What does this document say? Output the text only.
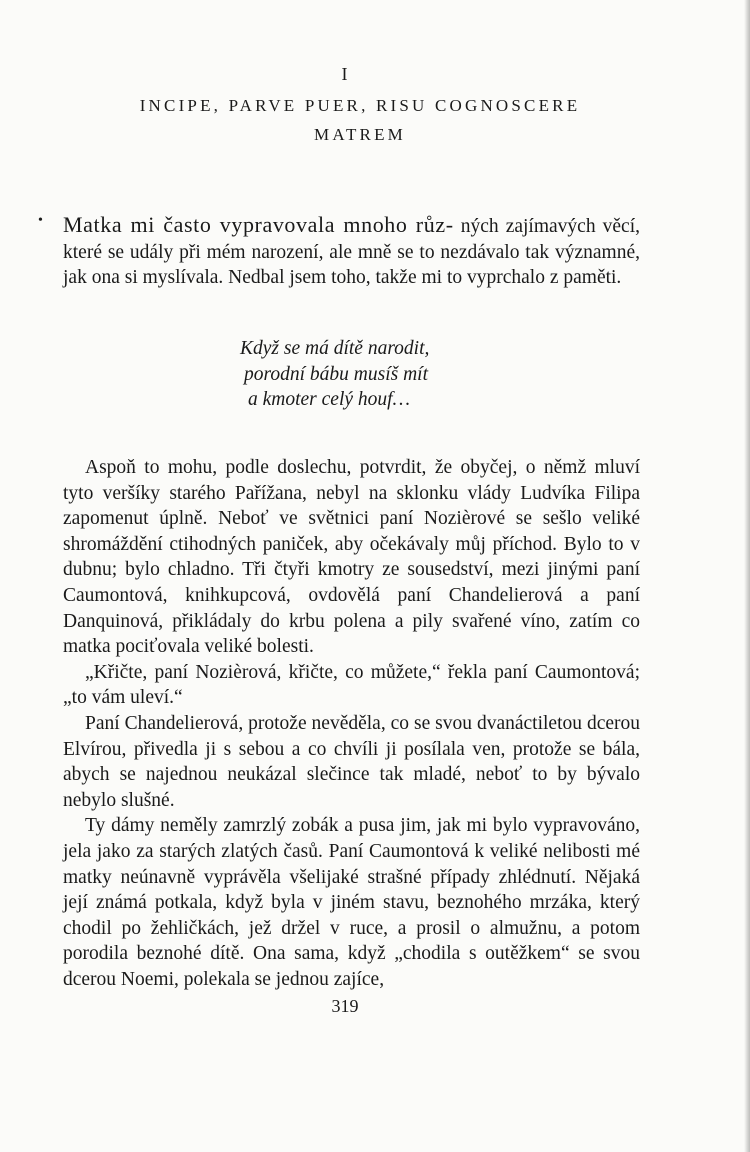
I
INCIPE, PARVE PUER, RISU COGNOSCERE
MATREM
• Matka mi často vypravovala mnoho růz- ných zajímavých věcí, které se udály při mém narození, ale mně se to nezdávalo tak významné, jak ona si myslívala. Nedbal jsem toho, takže mi to vyprchalo z paměti.

Když se má dítě narodit,
porodní bábu musíš mít
a kmoter celý houf…

Aspoň to mohu, podle doslechu, potvrdit, že obyčej, o němž mluví tyto veršíky starého Pařížana, nebyl na sklonku vlády Ludvíka Filipa zapomenut úplně. Neboť ve světnici paní Nozièrové se sešlo veliké shromáždění ctihodných paniček, aby očekávaly můj příchod. Bylo to v dubnu; bylo chladno. Tři čtyři kmotry ze sousedství, mezi jinými paní Caumontová, knihkupcová, ovdovělá paní Chandelierová a paní Danquinová, přikládaly do krbu polena a pily svařené víno, zatím co matka pociťovala veliké bolesti.

„Křičte, paní Nozièrová, křičte, co můžete,“ řekla paní Caumontová; „to vám uleví.“

Paní Chandelierová, protože nevěděla, co se svou dvanáctiletou dcerou Elvírou, přivedla ji s sebou a co chvíli ji posílala ven, protože se bála, abych se najednou neukázal slečince tak mladé, neboť to by bývalo nebylo slušné.

Ty dámy neměly zamrzlý zobák a pusa jim, jak mi bylo vypravováno, jela jako za starých zlatých časů. Paní Caumontová k veliké nelibosti mé matky neúnavně vyprávěla všelijaké strašné případy zhlédnutí. Nějaká její známá potkala, když byla v jiném stavu, beznohého mrzáka, který chodil po žehličkách, jež držel v ruce, a prosil o almužnu, a potom porodila beznohé dítě. Ona sama, když „chodila s outěžkem“ se svou dcerou Noemi, polekala se jednou zajíce,

319
